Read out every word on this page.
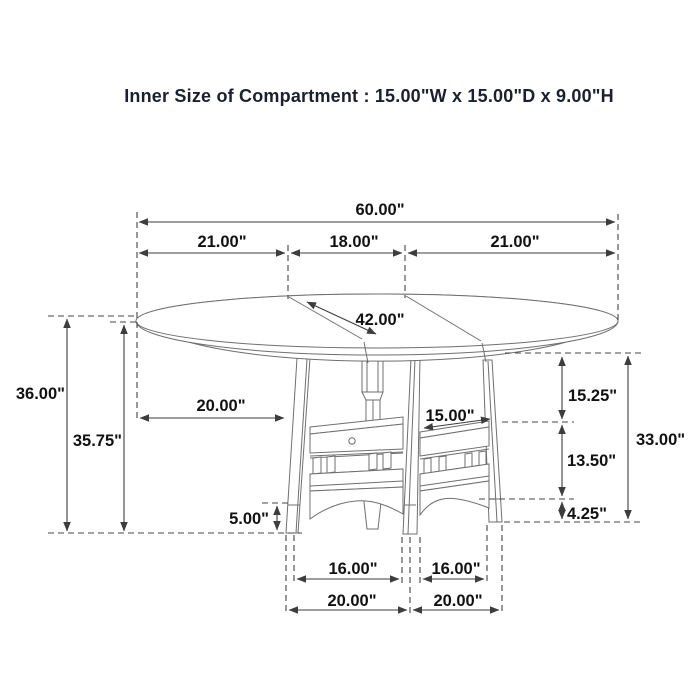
Inner Size of Compartment : 15.00"W x 15.00"D x 9.00"H
60.00"
21.00"	18.00"	21.00"
42.00"
36.00"
35.75"
20.00"
5.00"
15.00"
15.25"
13.50"
4.25"
33.00"
16.00"	16.00"
20.00"	20.00"
